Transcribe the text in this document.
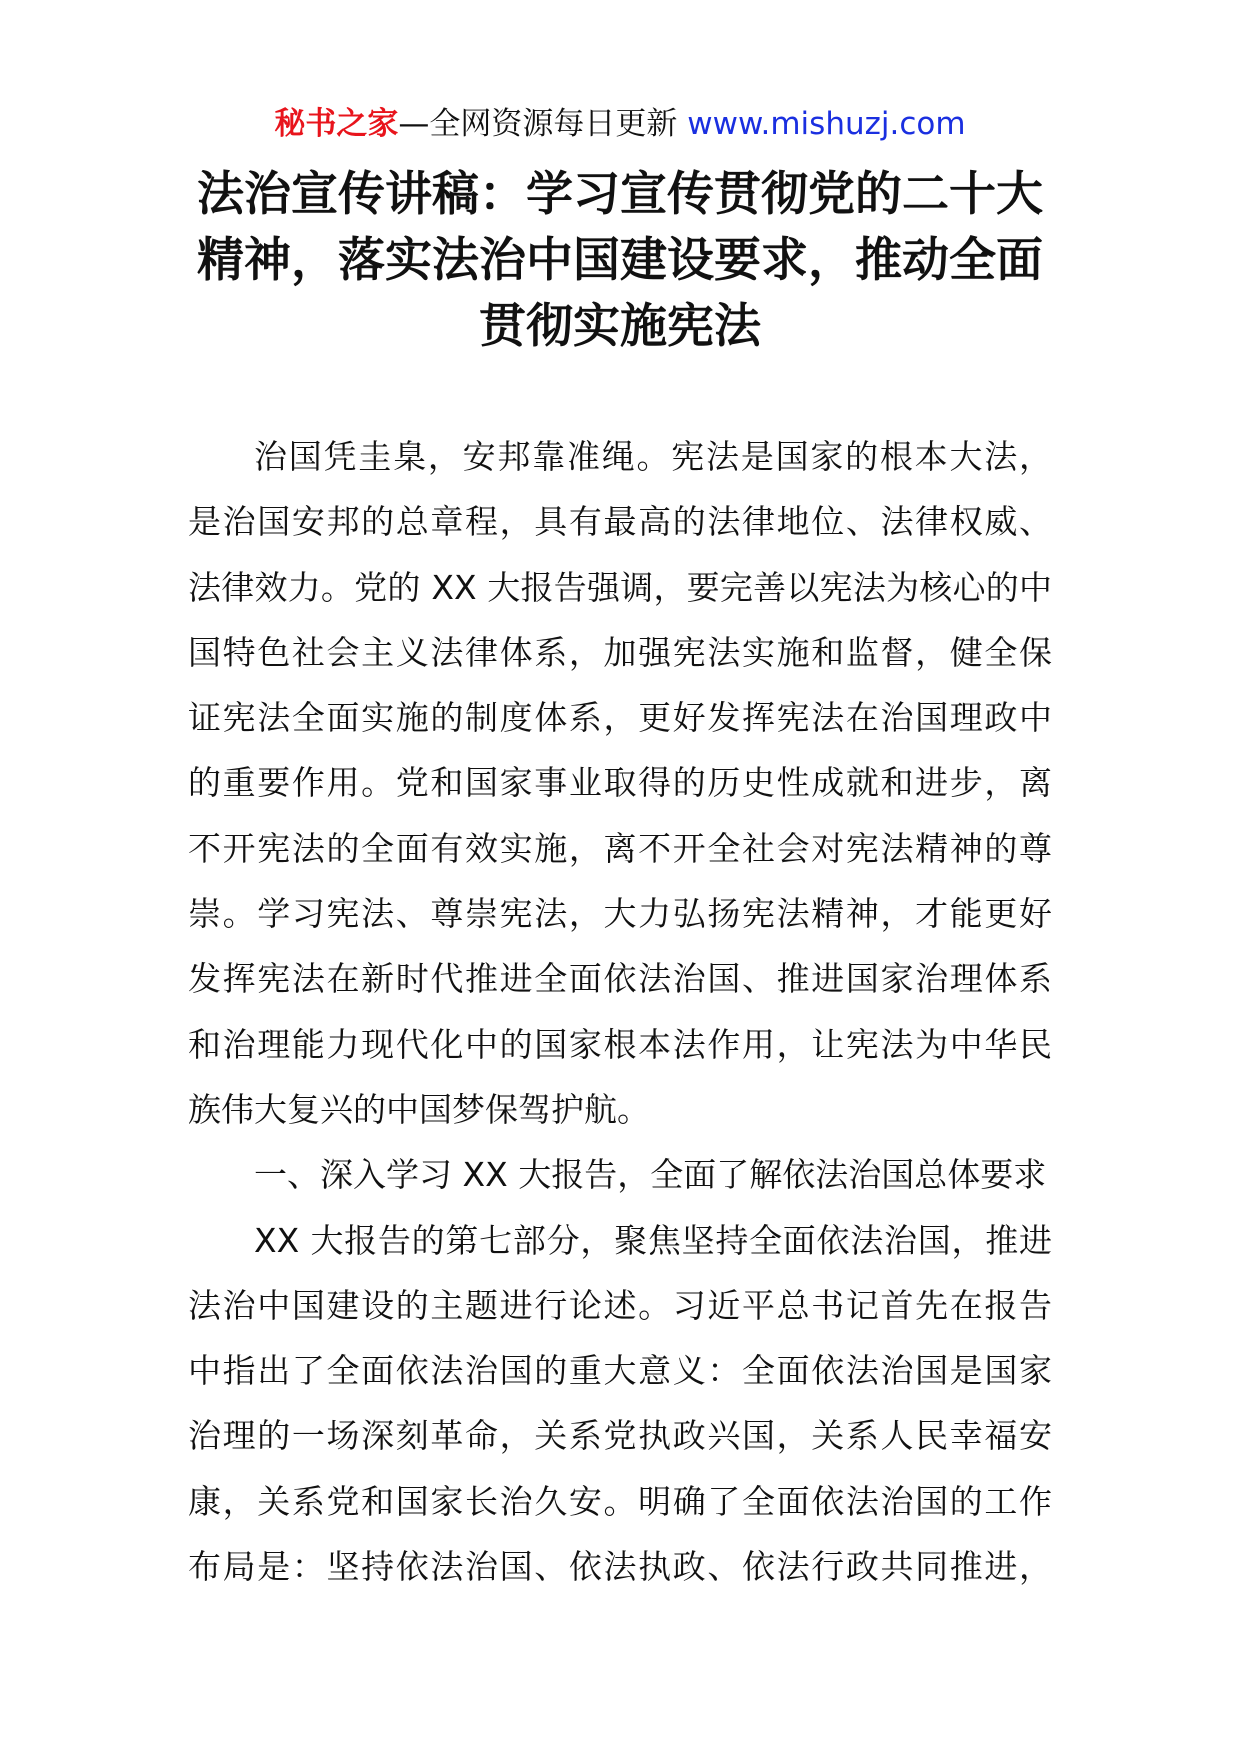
秘书之家—全网资源每日更新 www.mishuzj.com
法治宣传讲稿：学习宣传贯彻党的二十大
精神，落实法治中国建设要求，推动全面
贯彻实施宪法
治国凭圭臬，安邦靠准绳。宪法是国家的根本大法，
是治国安邦的总章程，具有最高的法律地位、法律权威、
法律效力。党的 XX 大报告强调，要完善以宪法为核心的中
国特色社会主义法律体系，加强宪法实施和监督，健全保
证宪法全面实施的制度体系，更好发挥宪法在治国理政中
的重要作用。党和国家事业取得的历史性成就和进步，离
不开宪法的全面有效实施，离不开全社会对宪法精神的尊
崇。学习宪法、尊崇宪法，大力弘扬宪法精神，才能更好
发挥宪法在新时代推进全面依法治国、推进国家治理体系
和治理能力现代化中的国家根本法作用，让宪法为中华民
族伟大复兴的中国梦保驾护航。
一、深入学习 XX 大报告，全面了解依法治国总体要求
XX 大报告的第七部分，聚焦坚持全面依法治国，推进
法治中国建设的主题进行论述。习近平总书记首先在报告
中指出了全面依法治国的重大意义：全面依法治国是国家
治理的一场深刻革命，关系党执政兴国，关系人民幸福安
康，关系党和国家长治久安。明确了全面依法治国的工作
布局是：坚持依法治国、依法执政、依法行政共同推进，
